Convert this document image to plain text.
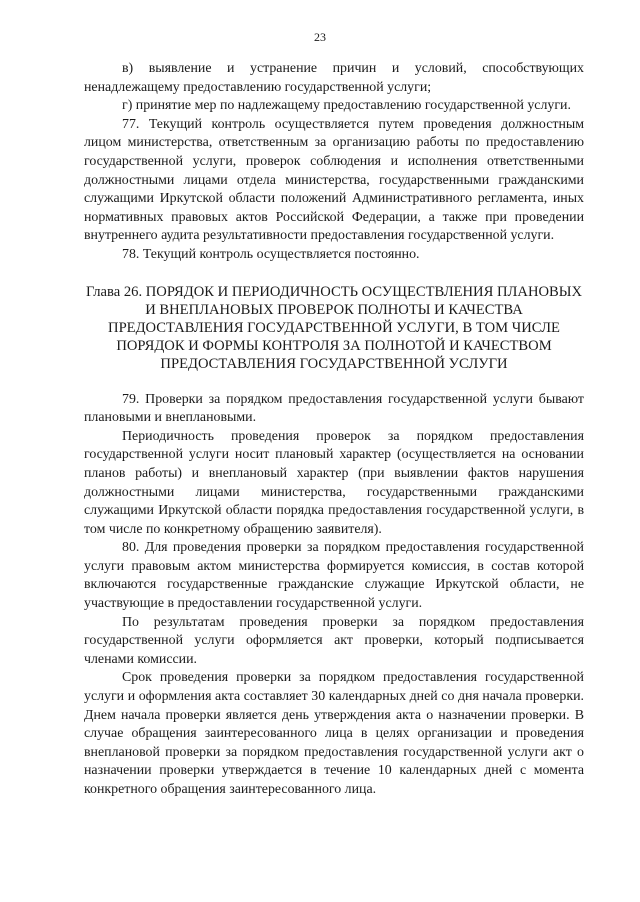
23

в) выявление и устранение причин и условий, способствующих ненадлежащему предоставлению государственной услуги;

г) принятие мер по надлежащему предоставлению государственной услуги.

77. Текущий контроль осуществляется путем проведения должностным лицом министерства, ответственным за организацию работы по предоставлению государственной услуги, проверок соблюдения и исполнения ответственными должностными лицами отдела министерства, государственными гражданскими служащими Иркутской области положений Административного регламента, иных нормативных правовых актов Российской Федерации, а также при проведении внутреннего аудита результативности предоставления государственной услуги.

78. Текущий контроль осуществляется постоянно.

Глава 26. ПОРЯДОК И ПЕРИОДИЧНОСТЬ ОСУЩЕСТВЛЕНИЯ ПЛАНОВЫХ И ВНЕПЛАНОВЫХ ПРОВЕРОК ПОЛНОТЫ И КАЧЕСТВА ПРЕДОСТАВЛЕНИЯ ГОСУДАРСТВЕННОЙ УСЛУГИ, В ТОМ ЧИСЛЕ ПОРЯДОК И ФОРМЫ КОНТРОЛЯ ЗА ПОЛНОТОЙ И КАЧЕСТВОМ ПРЕДОСТАВЛЕНИЯ ГОСУДАРСТВЕННОЙ УСЛУГИ

79. Проверки за порядком предоставления государственной услуги бывают плановыми и внеплановыми.

Периодичность проведения проверок за порядком предоставления государственной услуги носит плановый характер (осуществляется на основании планов работы) и внеплановый характер (при выявлении фактов нарушения должностными лицами министерства, государственными гражданскими служащими Иркутской области порядка предоставления государственной услуги, в том числе по конкретному обращению заявителя).

80. Для проведения проверки за порядком предоставления государственной услуги правовым актом министерства формируется комиссия, в состав которой включаются государственные гражданские служащие Иркутской области, не участвующие в предоставлении государственной услуги.

По результатам проведения проверки за порядком предоставления государственной услуги оформляется акт проверки, который подписывается членами комиссии.

Срок проведения проверки за порядком предоставления государственной услуги и оформления акта составляет 30 календарных дней со дня начала проверки. Днем начала проверки является день утверждения акта о назначении проверки. В случае обращения заинтересованного лица в целях организации и проведения внеплановой проверки за порядком предоставления государственной услуги акт о назначении проверки утверждается в течение 10 календарных дней с момента конкретного обращения заинтересованного лица.
